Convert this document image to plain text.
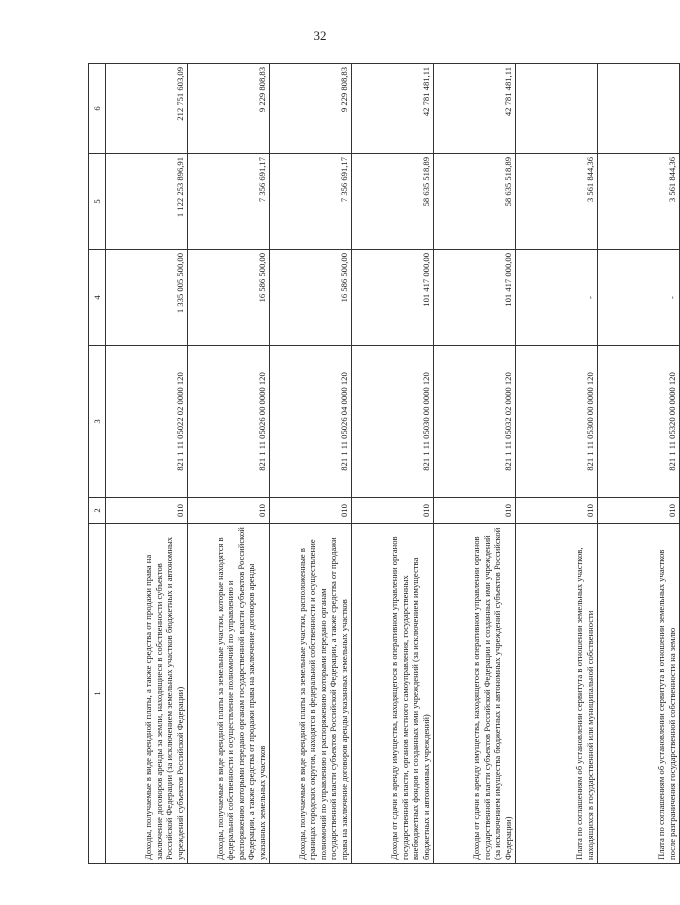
32
1	2	3	4	5	6
Доходы, получаемые в виде арендной платы, а также средства от продажи права на заключение договоров аренды за земли, находящиеся в собственности субъектов Российской Федерации (за исключением земельных участков бюджетных и автономных учреждений субъектов Российской Федерации)	010	821 1 11 05022 02 0000 120	1 335 005 500,00	1 122 253 896,91	212 751 603,09
Доходы, получаемые в виде арендной платы за земельные участки, которые находятся в федеральной собственности и осуществление полномочий по управлению и распоряжению которыми передано органам государственной власти субъектов Российской Федерации, а также средства от продажи права на заключение договоров аренды указанных земельных участков	010	821 1 11 05026 00 0000 120	16 586 500,00	7 356 691,17	9 229 808,83
Доходы, получаемые в виде арендной платы за земельные участки, расположенные в границах городских округов, находятся в федеральной собственности и осуществление полномочий по управлению и распоряжению которыми передано органам государственной власти субъектов Российской Федерации, а также средства от продажи права на заключение договоров аренды указанных земельных участков	010	821 1 11 05026 04 0000 120	16 586 500,00	7 356 691,17	9 229 808,83
Доходы от сдачи в аренду имущества, находящегося в оперативном управлении органов государственной власти, органов местного самоуправления, государственных внебюджетных фондов и созданных ими учреждений (за исключением имущества бюджетных и автономных учреждений)	010	821 1 11 05030 00 0000 120	101 417 000,00	58 635 518,89	42 781 481,11
Доходы от сдачи в аренду имущества, находящегося в оперативном управлении органов государственной власти субъектов Российской Федерации и созданных ими учреждений (за исключением имущества бюджетных и автономных учреждений субъектов Российской Федерации)	010	821 1 11 05032 02 0000 120	101 417 000,00	58 635 518,89	42 781 481,11
Плата по соглашениям об установлении сервитута в отношении земельных участков, находящихся в государственной или муниципальной собственности	010	821 1 11 05300 00 0000 120	-	3 561 844,36	
Плата по соглашениям об установлении сервитута в отношении земельных участков после разграничения государственной собственности на землю	010	821 1 11 05320 00 0000 120	-	3 561 844,36	
